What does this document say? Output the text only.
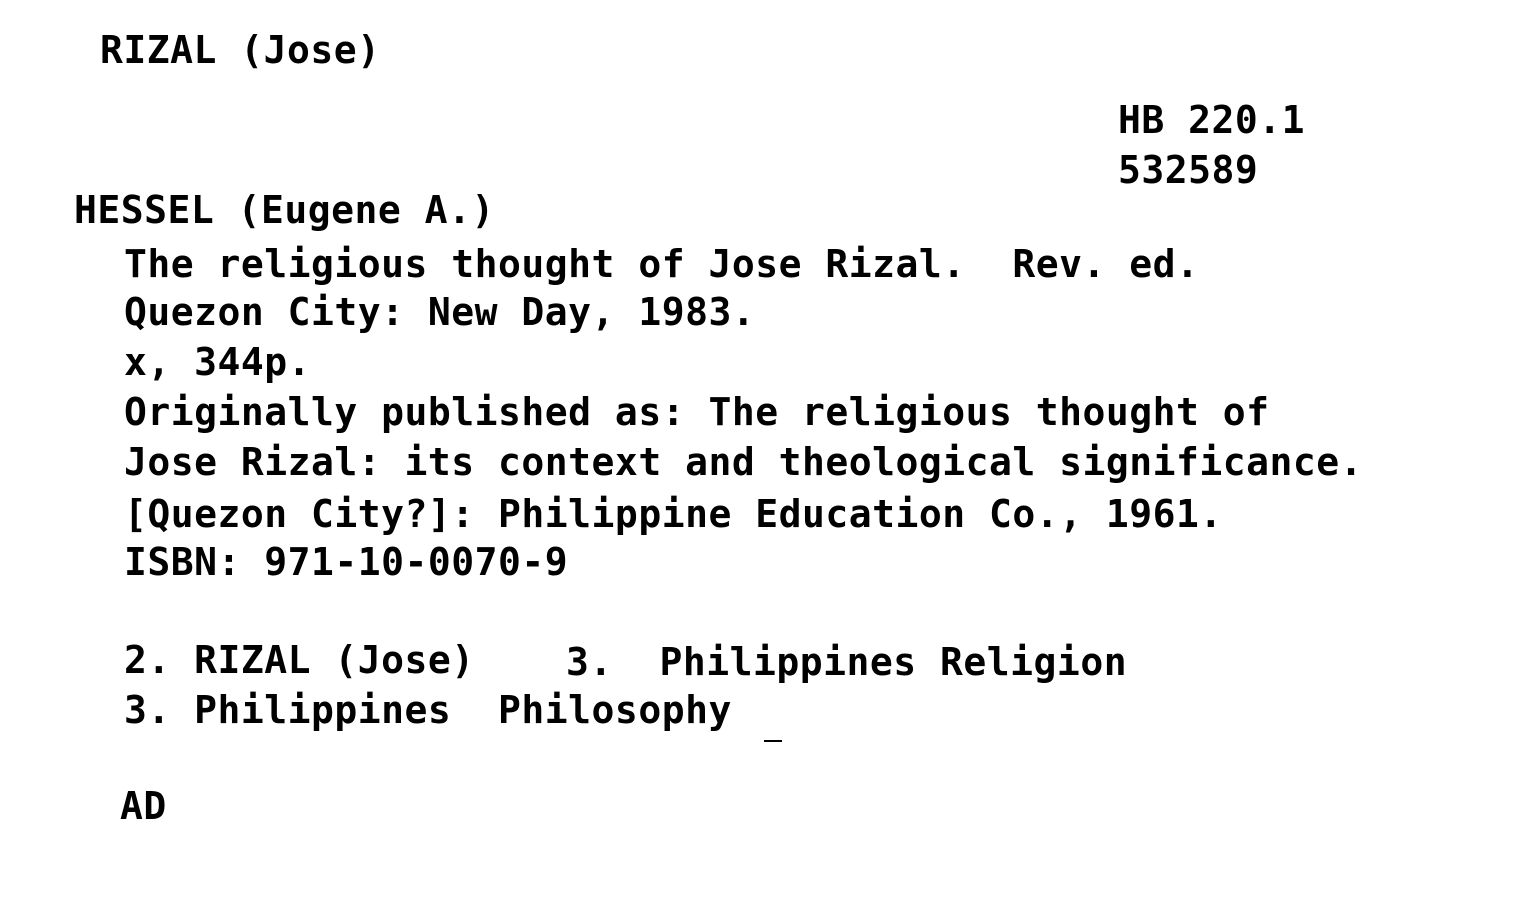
RIZAL (Jose)
HB 220.1
532589
HESSEL (Eugene A.)
The religious thought of Jose Rizal.  Rev. ed.
Quezon City: New Day, 1983.
x, 344p.
Originally published as: The religious thought of
Jose Rizal: its context and theological significance.
[Quezon City?]: Philippine Education Co., 1961.
ISBN: 971-10-0070-9
2. RIZAL (Jose) 3.  Philippines Religion
3. Philippines  Philosophy
AD
